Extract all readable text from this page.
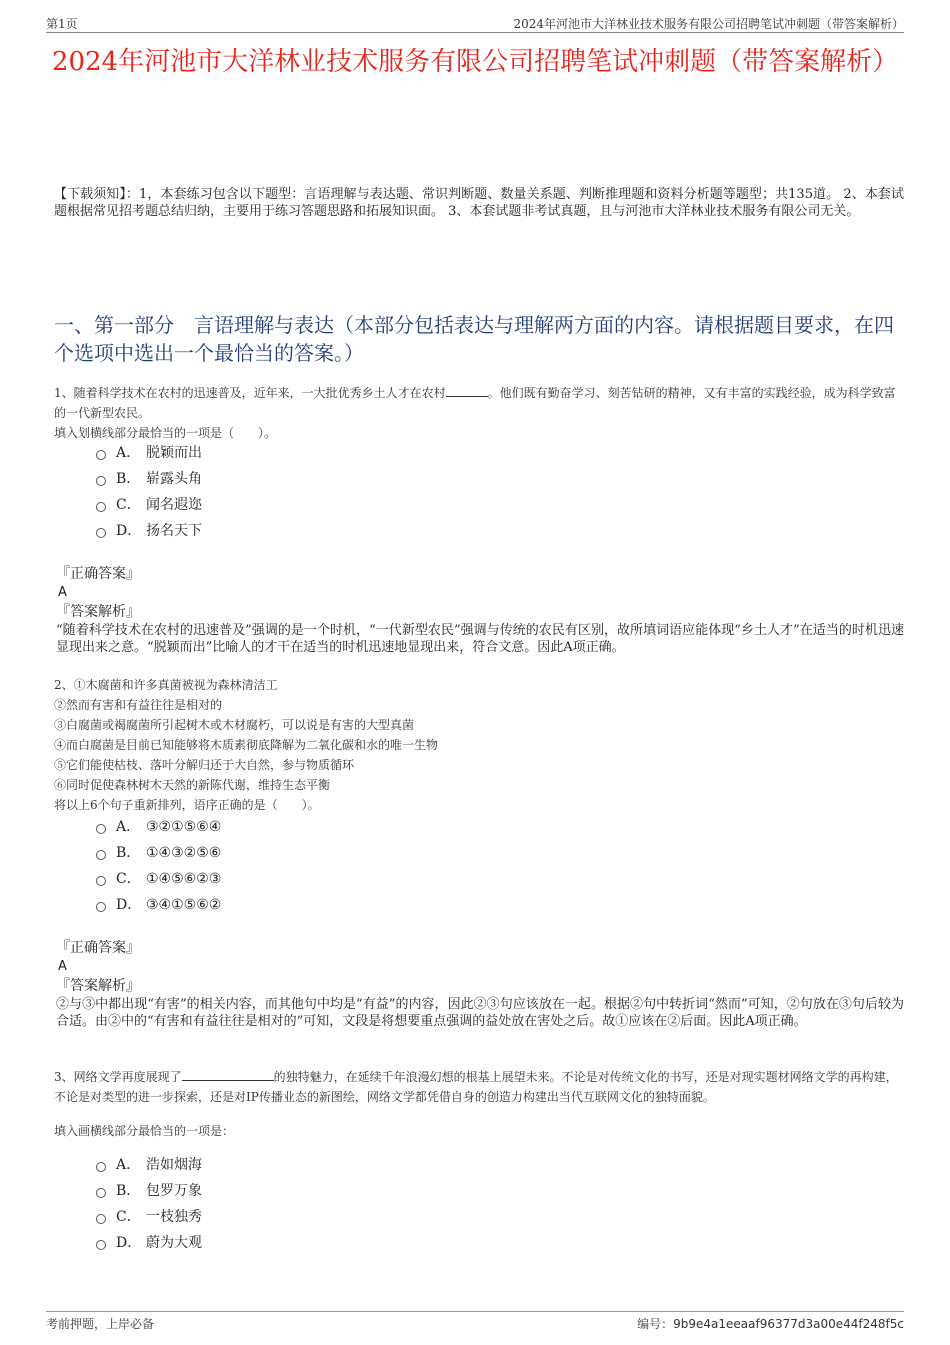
第1页	2024年河池市大洋林业技术服务有限公司招聘笔试冲刺题（带答案解析）
2024年河池市大洋林业技术服务有限公司招聘笔试冲刺题（带答案解析）
【下载须知】：1，本套练习包含以下题型：言语理解与表达题、常识判断题、数量关系题、判断推理题和资料分析题等题型；共135道。 2、本套试题根据常见招考题总结归纳，主要用于练习答题思路和拓展知识面。 3、本套试题非考试真题，且与河池市大洋林业技术服务有限公司无关。
一、第一部分　言语理解与表达（本部分包括表达与理解两方面的内容。请根据题目要求，在四个选项中选出一个最恰当的答案。）
1、随着科学技术在农村的迅速普及，近年来，一大批优秀乡土人才在农村	。他们既有勤奋学习、刻苦钻研的精神，又有丰富的实践经验，成为科学致富的一代新型农民。
填入划横线部分最恰当的一项是（　　）。
A． 脱颖而出
B． 崭露头角
C． 闻名遐迩
D． 扬名天下
『正确答案』
A
『答案解析』
“随着科学技术在农村的迅速普及”强调的是一个时机，“一代新型农民”强调与传统的农民有区别，故所填词语应能体现“乡土人才”在适当的时机迅速显现出来之意。“脱颖而出”比喻人的才干在适当的时机迅速地显现出来，符合文意。因此A项正确。
2、①木腐菌和许多真菌被视为森林清洁工
②然而有害和有益往往是相对的
③白腐菌或褐腐菌所引起树木或木材腐朽，可以说是有害的大型真菌
④而白腐菌是目前已知能够将木质素彻底降解为二氧化碳和水的唯一生物
⑤它们能使枯枝、落叶分解归还于大自然，参与物质循环
⑥同时促使森林树木天然的新陈代谢，维持生态平衡
将以上6个句子重新排列，语序正确的是（　　）。
A． ③②①⑤⑥④
B． ①④③②⑤⑥
C． ①④⑤⑥②③
D． ③④①⑤⑥②
『正确答案』
A
『答案解析』
②与③中都出现“有害”的相关内容，而其他句中均是“有益”的内容，因此②③句应该放在一起。根据②句中转折词“然而”可知，②句放在③句后较为合适。由②中的“有害和有益往往是相对的”可知，文段是将想要重点强调的益处放在害处之后。故①应该在②后面。因此A项正确。
3、网络文学再度展现了	的独特魅力，在延续千年浪漫幻想的根基上展望未来。不论是对传统文化的书写，还是对现实题材网络文学的再构建，不论是对类型的进一步探索，还是对IP传播业态的新图绘，网络文学都凭借自身的创造力构建出当代互联网文化的独特面貌。
填入画横线部分最恰当的一项是：
A． 浩如烟海
B． 包罗万象
C． 一枝独秀
D． 蔚为大观
考前押题，上岸必备	编号：9b9e4a1eeaaf96377d3a00e44f248f5c
